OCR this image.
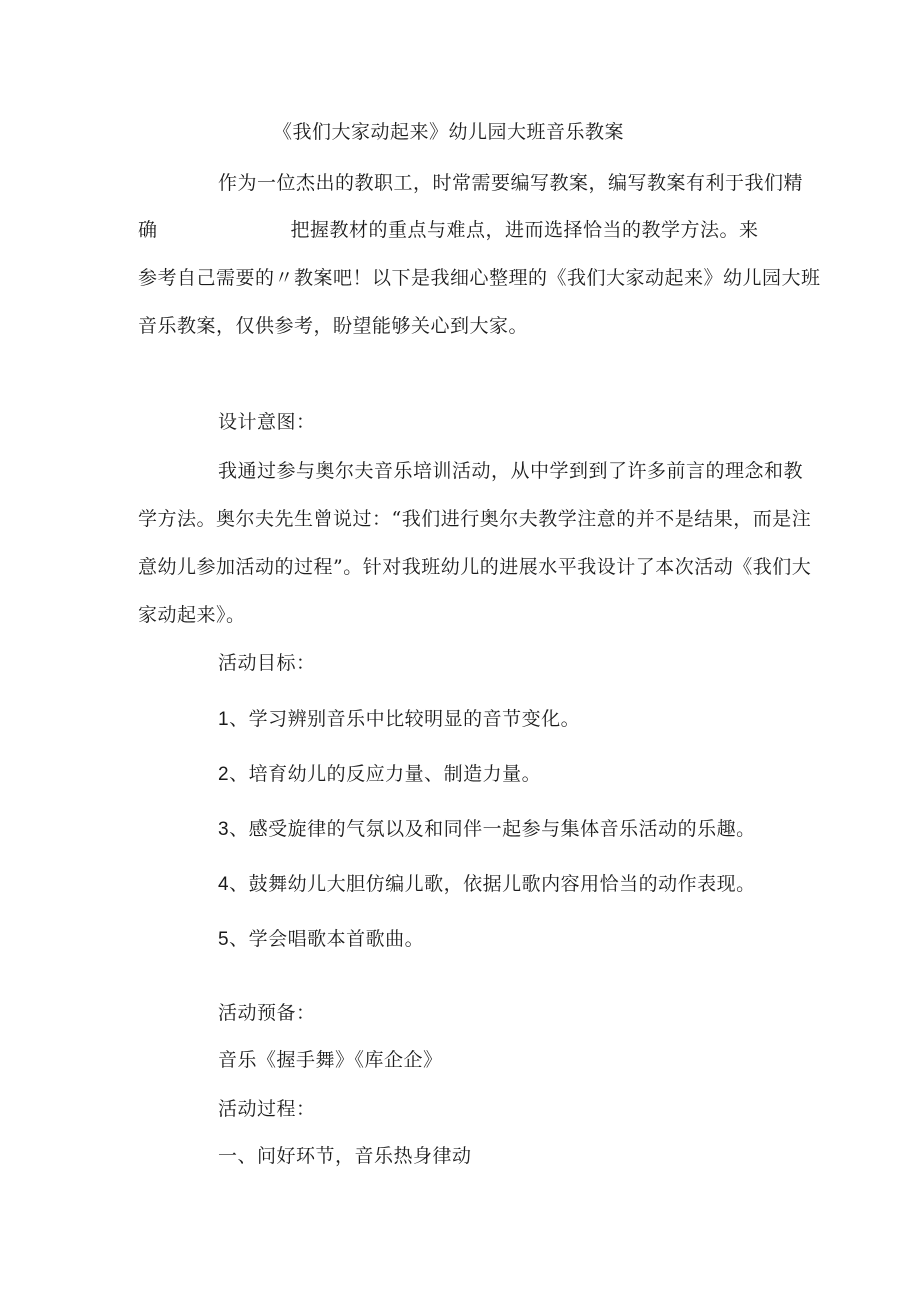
《我们大家动起来》幼儿园大班音乐教案
作为一位杰出的教职工，时常需要编写教案，编写教案有利于我们精
确	把握教材的重点与难点，进而选择恰当的教学方法。来
参考自己需要的〃教案吧！以下是我细心整理的《我们大家动起来》幼儿园大班
音乐教案，仅供参考，盼望能够关心到大家。
设计意图：
我通过参与奥尔夫音乐培训活动，从中学到到了许多前言的理念和教
学方法。奥尔夫先生曾说过：“我们进行奥尔夫教学注意的并不是结果，而是注
意幼儿参加活动的过程”。针对我班幼儿的进展水平我设计了本次活动《我们大
家动起来》。
活动目标：
1、学习辨别音乐中比较明显的音节变化。
2、培育幼儿的反应力量、制造力量。
3、感受旋律的气氛以及和同伴一起参与集体音乐活动的乐趣。
4、鼓舞幼儿大胆仿编儿歌，依据儿歌内容用恰当的动作表现。
5、学会唱歌本首歌曲。
活动预备：
音乐《握手舞》《库企企》
活动过程：
一、问好环节，音乐热身律动
